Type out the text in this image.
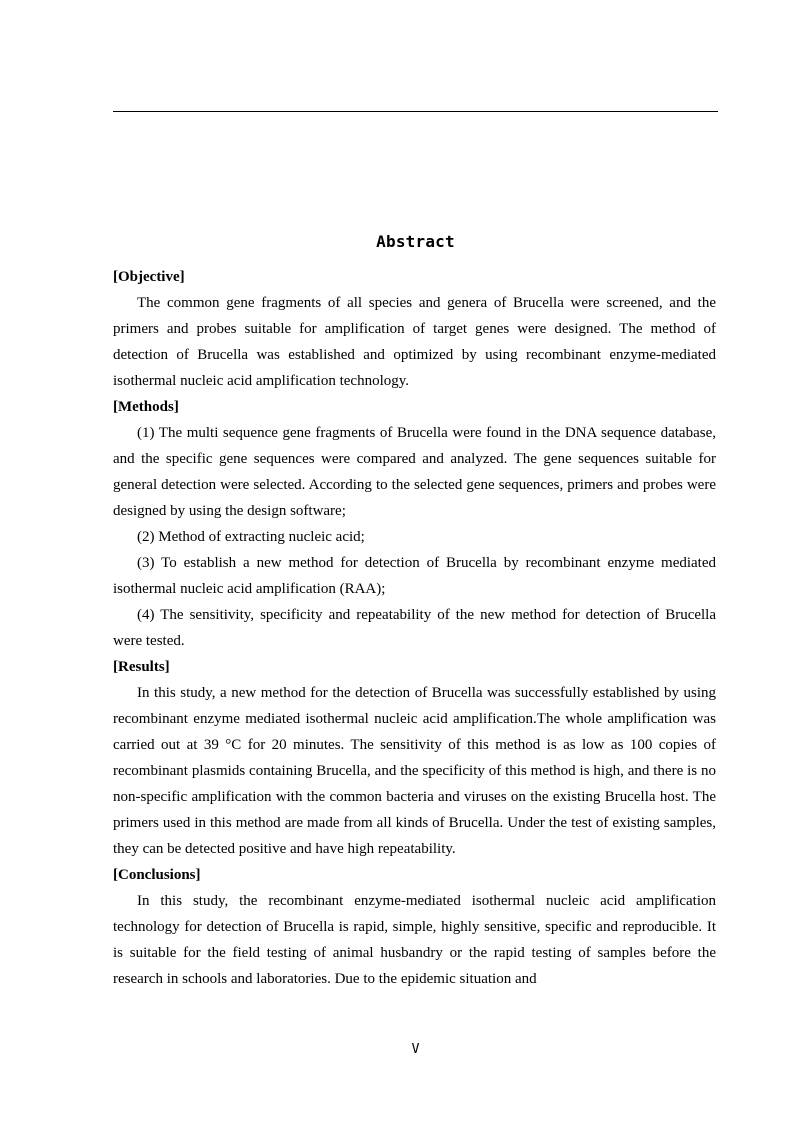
Abstract

[Objective]

The common gene fragments of all species and genera of Brucella were screened, and the primers and probes suitable for amplification of target genes were designed. The method of detection of Brucella was established and optimized by using recombinant enzyme-mediated isothermal nucleic acid amplification technology.

[Methods]

(1) The multi sequence gene fragments of Brucella were found in the DNA sequence database, and the specific gene sequences were compared and analyzed. The gene sequences suitable for general detection were selected. According to the selected gene sequences, primers and probes were designed by using the design software;

(2) Method of extracting nucleic acid;

(3) To establish a new method for detection of Brucella by recombinant enzyme mediated isothermal nucleic acid amplification (RAA);

(4) The sensitivity, specificity and repeatability of the new method for detection of Brucella were tested.

[Results]

In this study, a new method for the detection of Brucella was successfully established by using recombinant enzyme mediated isothermal nucleic acid amplification.The whole amplification was carried out at 39 °C for 20 minutes. The sensitivity of this method is as low as 100 copies of recombinant plasmids containing Brucella, and the specificity of this method is high, and there is no non-specific amplification with the common bacteria and viruses on the existing Brucella host. The primers used in this method are made from all kinds of Brucella. Under the test of existing samples, they can be detected positive and have high repeatability.

[Conclusions]

In this study, the recombinant enzyme-mediated isothermal nucleic acid amplification technology for detection of Brucella is rapid, simple, highly sensitive, specific and reproducible. It is suitable for the field testing of animal husbandry or the rapid testing of samples before the research in schools and laboratories. Due to the epidemic situation and

V
